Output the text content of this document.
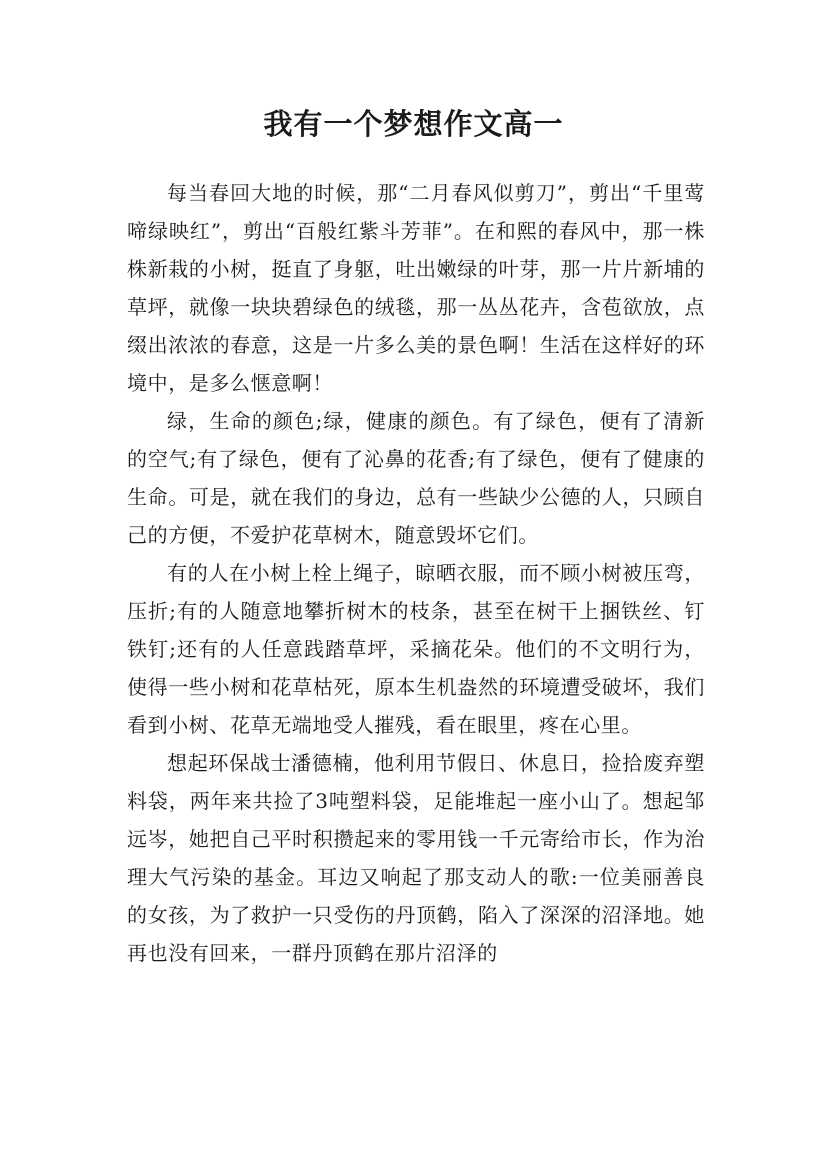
我有一个梦想作文高一

每当春回大地的时候，那“二月春风似剪刀”，剪出“千里莺啼绿映红”，剪出“百般红紫斗芳菲”。在和熙的春风中，那一株株新栽的小树，挺直了身躯，吐出嫩绿的叶芽，那一片片新埔的草坪，就像一块块碧绿色的绒毯，那一丛丛花卉，含苞欲放，点缀出浓浓的春意，这是一片多么美的景色啊！生活在这样好的环境中，是多么惬意啊！

绿，生命的颜色;绿，健康的颜色。有了绿色，便有了清新的空气;有了绿色，便有了沁鼻的花香;有了绿色，便有了健康的生命。可是，就在我们的身边，总有一些缺少公德的人，只顾自己的方便，不爱护花草树木，随意毁坏它们。

有的人在小树上栓上绳子，晾晒衣服，而不顾小树被压弯，压折;有的人随意地攀折树木的枝条，甚至在树干上捆铁丝、钉铁钉;还有的人任意践踏草坪，采摘花朵。他们的不文明行为，使得一些小树和花草枯死，原本生机盎然的环境遭受破坏，我们看到小树、花草无端地受人摧残，看在眼里，疼在心里。

想起环保战士潘德楠，他利用节假日、休息日，捡拾废弃塑料袋，两年来共捡了3吨塑料袋，足能堆起一座小山了。想起邹远岑，她把自己平时积攒起来的零用钱一千元寄给市长，作为治理大气污染的基金。耳边又响起了那支动人的歌:一位美丽善良的女孩，为了救护一只受伤的丹顶鹤，陷入了深深的沼泽地。她再也没有回来，一群丹顶鹤在那片沼泽的
